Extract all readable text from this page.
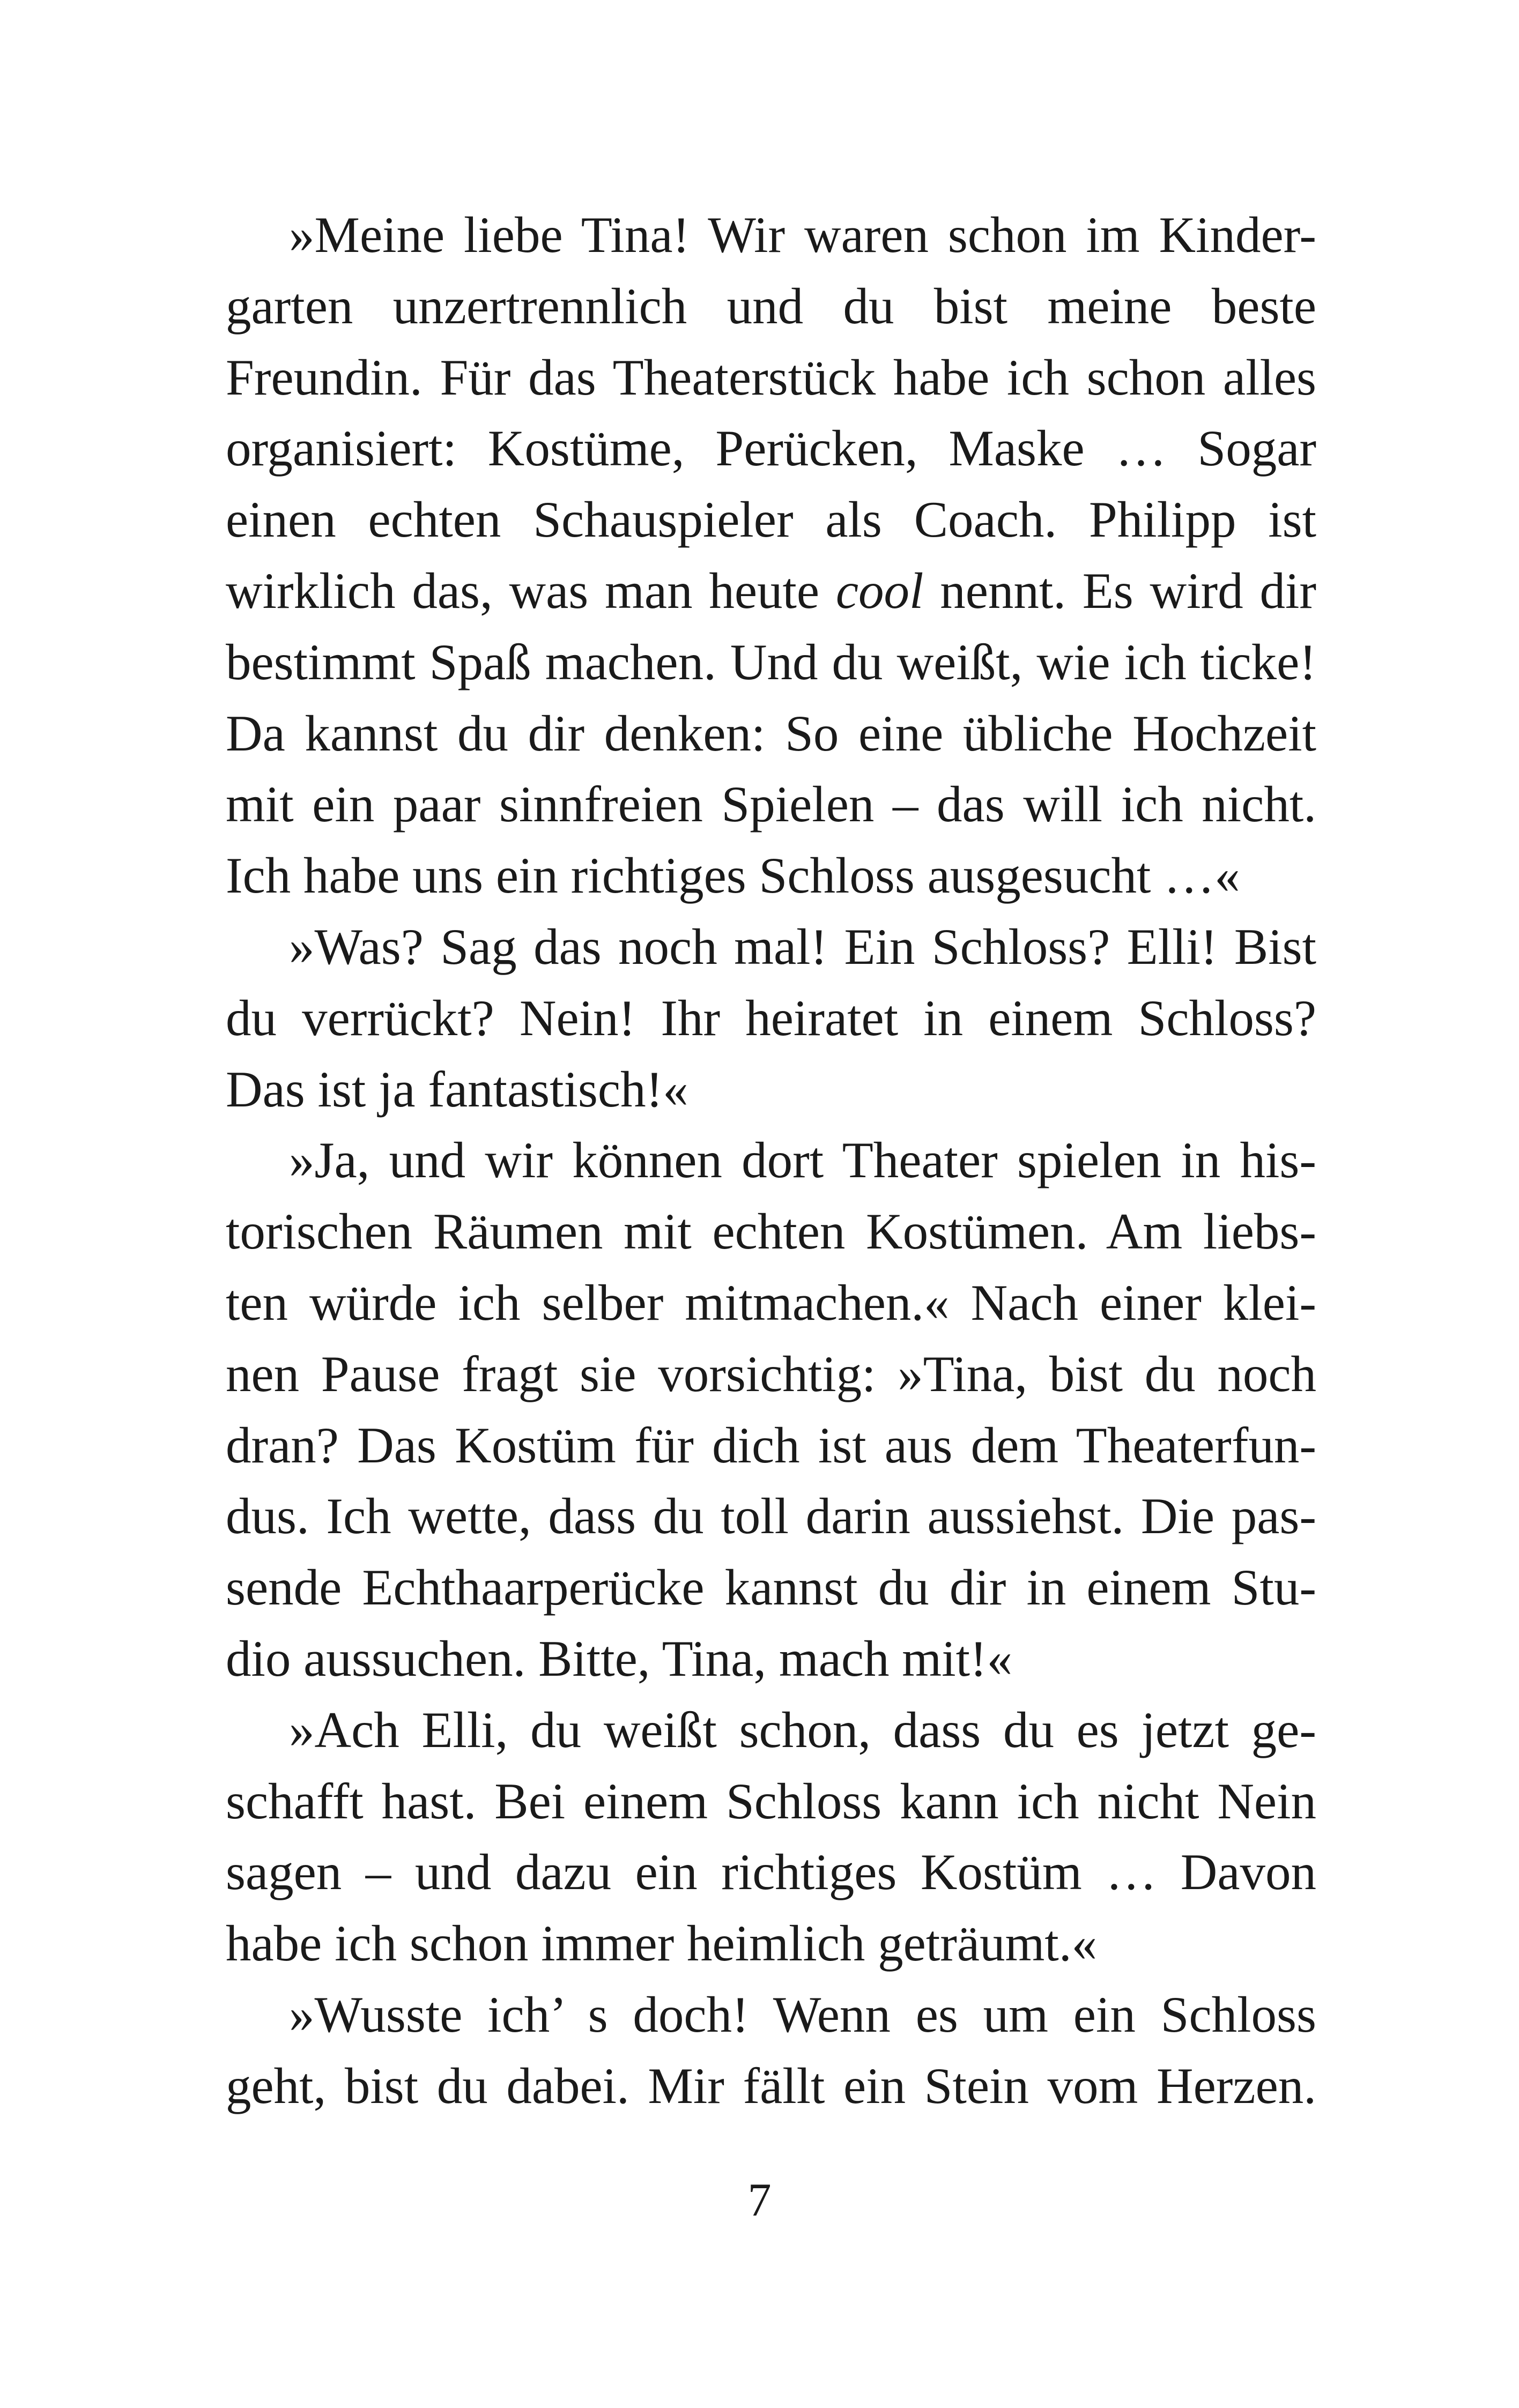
»Meine liebe Tina! Wir waren schon im Kinder-
garten unzertrennlich und du bist meine beste
Freundin. Für das Theaterstück habe ich schon alles
organisiert: Kostüme, Perücken, Maske … Sogar
einen echten Schauspieler als Coach. Philipp ist
wirklich das, was man heute cool nennt. Es wird dir
bestimmt Spaß machen. Und du weißt, wie ich ticke!
Da kannst du dir denken: So eine übliche Hochzeit
mit ein paar sinnfreien Spielen – das will ich nicht.
Ich habe uns ein richtiges Schloss ausgesucht …«
»Was? Sag das noch mal! Ein Schloss? Elli! Bist
du verrückt? Nein! Ihr heiratet in einem Schloss?
Das ist ja fantastisch!«
»Ja, und wir können dort Theater spielen in his-
torischen Räumen mit echten Kostümen. Am liebs-
ten würde ich selber mitmachen.« Nach einer klei-
nen Pause fragt sie vorsichtig: »Tina, bist du noch
dran? Das Kostüm für dich ist aus dem Theaterfun-
dus. Ich wette, dass du toll darin aussiehst. Die pas-
sende Echthaarperücke kannst du dir in einem Stu-
dio aussuchen. Bitte, Tina, mach mit!«
»Ach Elli, du weißt schon, dass du es jetzt ge-
schafft hast. Bei einem Schloss kann ich nicht Nein
sagen – und dazu ein richtiges Kostüm … Davon
habe ich schon immer heimlich geträumt.«
»Wusste ich’ s doch! Wenn es um ein Schloss
geht, bist du dabei. Mir fällt ein Stein vom Herzen.
7
